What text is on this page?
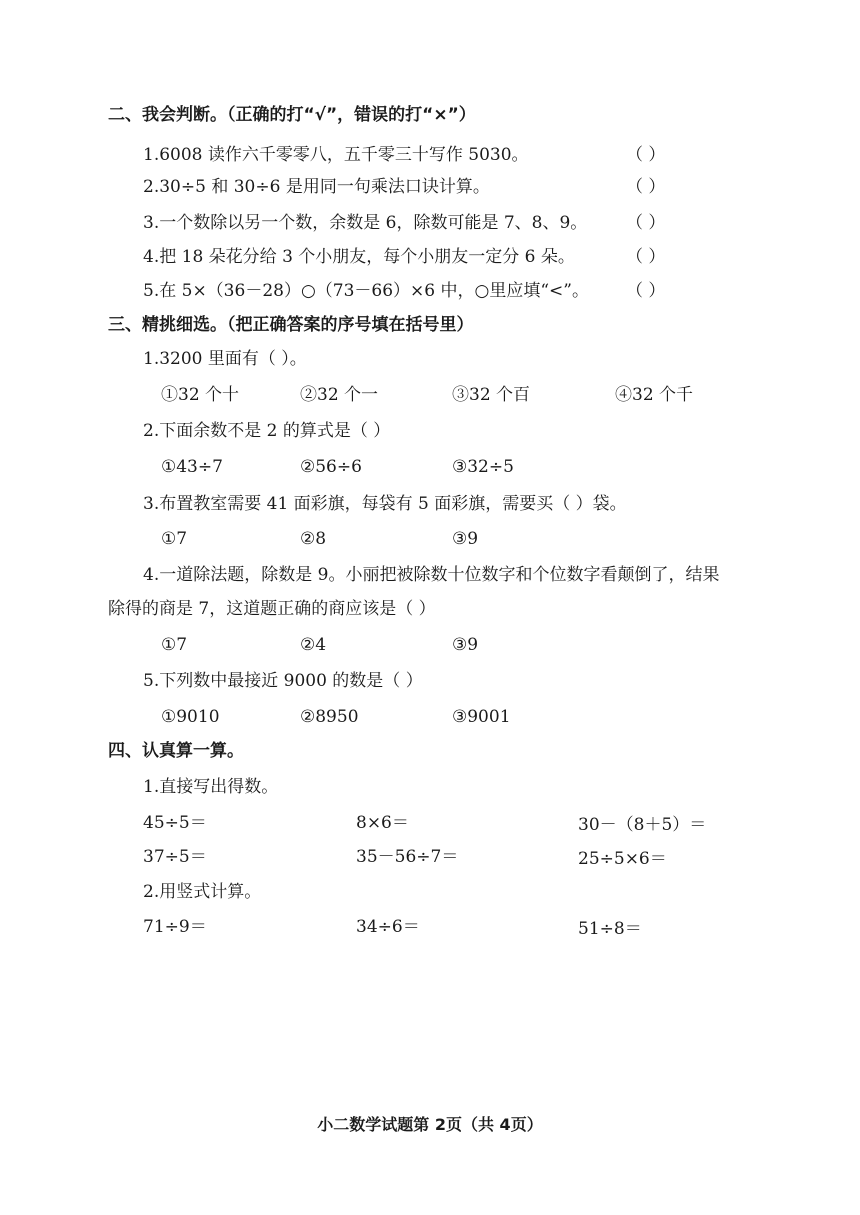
二、我会判断。（正确的打“√”，错误的打“×”）
1.6008 读作六千零零八，五千零三十写作 5030。	（ ）
2.30÷5 和 30÷6 是用同一句乘法口诀计算。	（ ）
3.一个数除以另一个数，余数是 6，除数可能是 7、8、9。 （ ）
4.把 18 朵花分给 3 个小朋友，每个小朋友一定分 6 朵。	（ ）
5.在 5×（36－28）○（73－66）×6 中，○里应填“<”。 （ ）
三、精挑细选。（把正确答案的序号填在括号里）
1.3200 里面有（ ）。
①32 个十	②32 个一	③32 个百	④32 个千
2.下面余数不是 2 的算式是（ ）
①43÷7	②56÷6	③32÷5
3.布置教室需要 41 面彩旗，每袋有 5 面彩旗，需要买（ ）袋。
①7	②8	③9
4.一道除法题，除数是 9。小丽把被除数十位数字和个位数字看颠倒了，结果
除得的商是 7，这道题正确的商应该是（ ）
①7	②4	③9
5.下列数中最接近 9000 的数是（ ）
①9010	②8950	③9001
四、认真算一算。
1.直接写出得数。
45÷5＝	8×6＝	30－（8＋5）＝
37÷5＝	35－56÷7＝	25÷5×6＝
2.用竖式计算。
71÷9＝	34÷6＝	51÷8＝
小二数学试题第 2页（共 4页）
